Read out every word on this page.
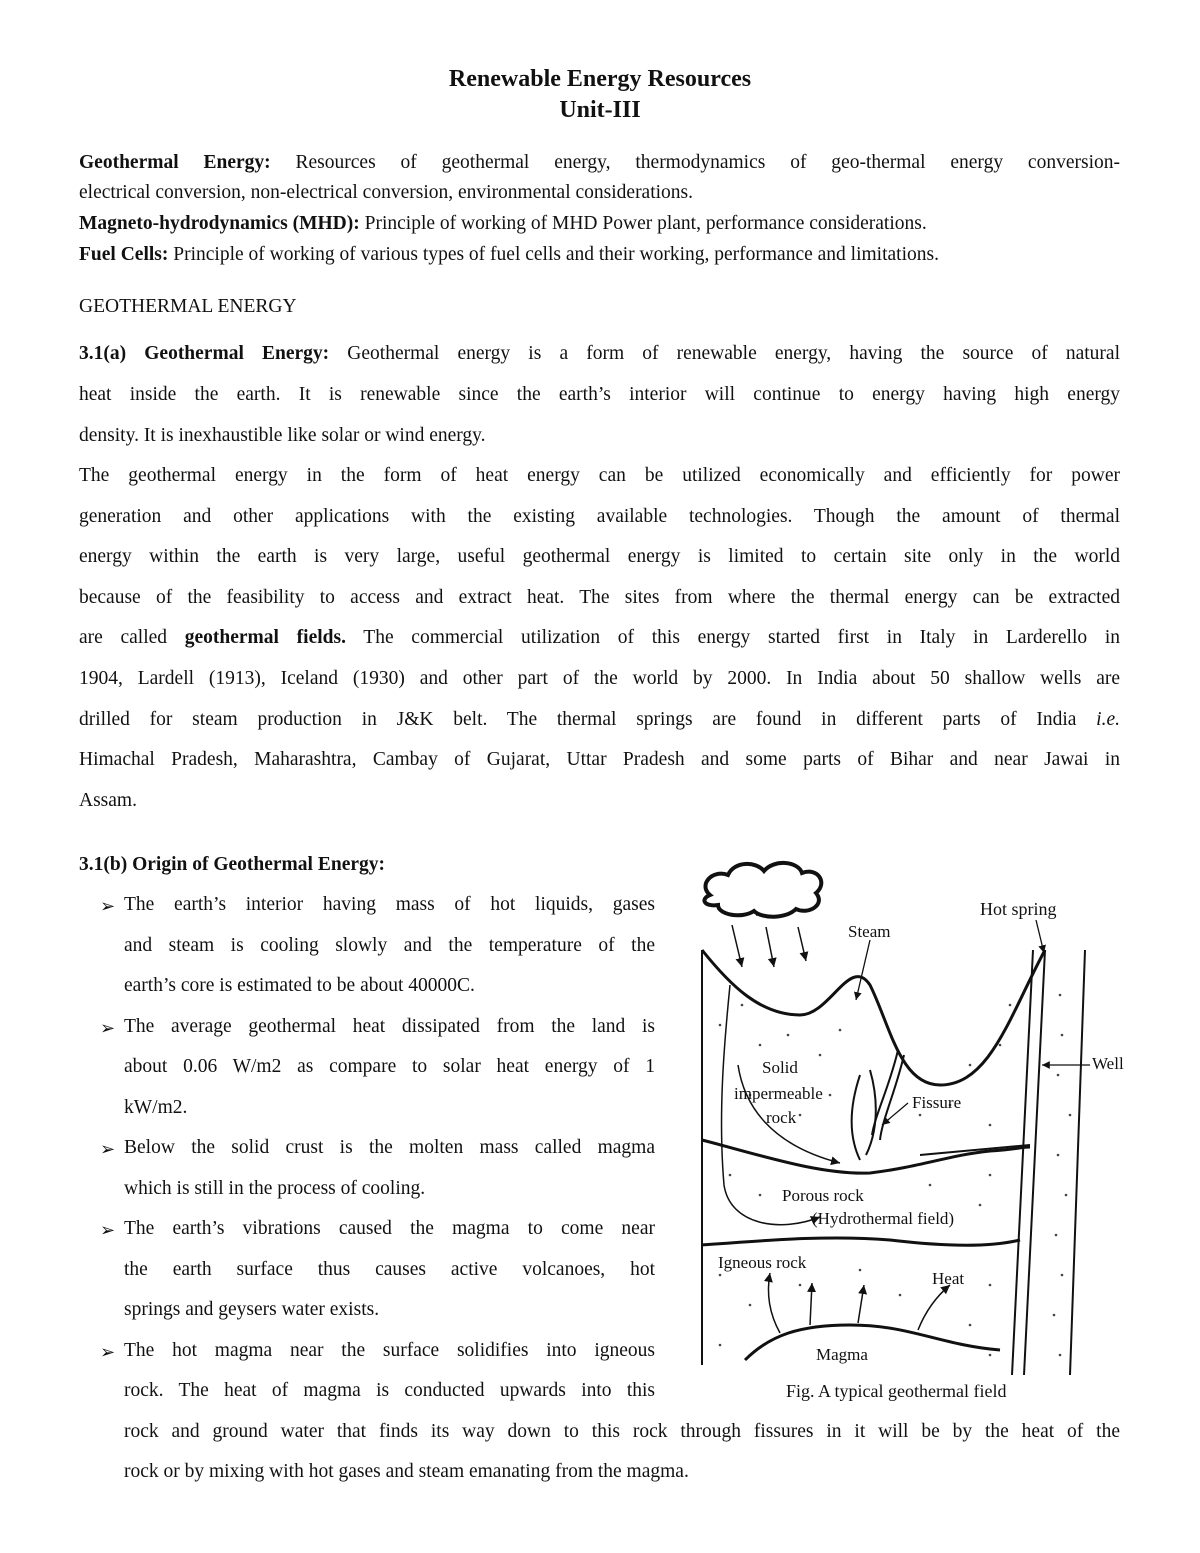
Renewable Energy Resources
Unit-III
Geothermal Energy: Resources of geothermal energy, thermodynamics of geo-thermal energy conversion-
electrical conversion, non-electrical conversion, environmental considerations.
Magneto-hydrodynamics (MHD): Principle of working of MHD Power plant, performance considerations.
Fuel Cells: Principle of working of various types of fuel cells and their working, performance and limitations.
GEOTHERMAL ENERGY
3.1(a) Geothermal Energy: Geothermal energy is a form of renewable energy, having the source of natural
heat inside the earth. It is renewable since the earth’s interior will continue to energy having high energy
density. It is inexhaustible like solar or wind energy.
The geothermal energy in the form of heat energy can be utilized economically and efficiently for power
generation and other applications with the existing available technologies. Though the amount of thermal
energy within the earth is very large, useful geothermal energy is limited to certain site only in the world
because of the feasibility to access and extract heat. The sites from where the thermal energy can be extracted
are called geothermal fields. The commercial utilization of this energy started first in Italy in Larderello in
1904, Lardell (1913), Iceland (1930) and other part of the world by 2000. In India about 50 shallow wells are
drilled for steam production in J&K belt. The thermal springs are found in different parts of India i.e.
Himachal Pradesh, Maharashtra, Cambay of Gujarat, Uttar Pradesh and some parts of Bihar and near Jawai in
Assam.
3.1(b) Origin of Geothermal Energy:
➢ The earth’s interior having mass of hot liquids, gases
and steam is cooling slowly and the temperature of the
earth’s core is estimated to be about 40000C.
➢ The average geothermal heat dissipated from the land is
about 0.06 W/m2 as compare to solar heat energy of 1
kW/m2.
➢ Below the solid crust is the molten mass called magma
which is still in the process of cooling.
➢ The earth’s vibrations caused the magma to come near
the earth surface thus causes active volcanoes, hot
springs and geysers water exists.
➢ The hot magma near the surface solidifies into igneous
rock. The heat of magma is conducted upwards into this
rock and ground water that finds its way down to this rock through fissures in it will be by the heat of the
rock or by mixing with hot gases and steam emanating from the magma.
Steam
Hot spring
Well
Solid
impermeable
rock
Fissure
Porous rock
(Hydrothermal field)
Igneous rock
Heat
Magma
Fig. A typical geothermal field
